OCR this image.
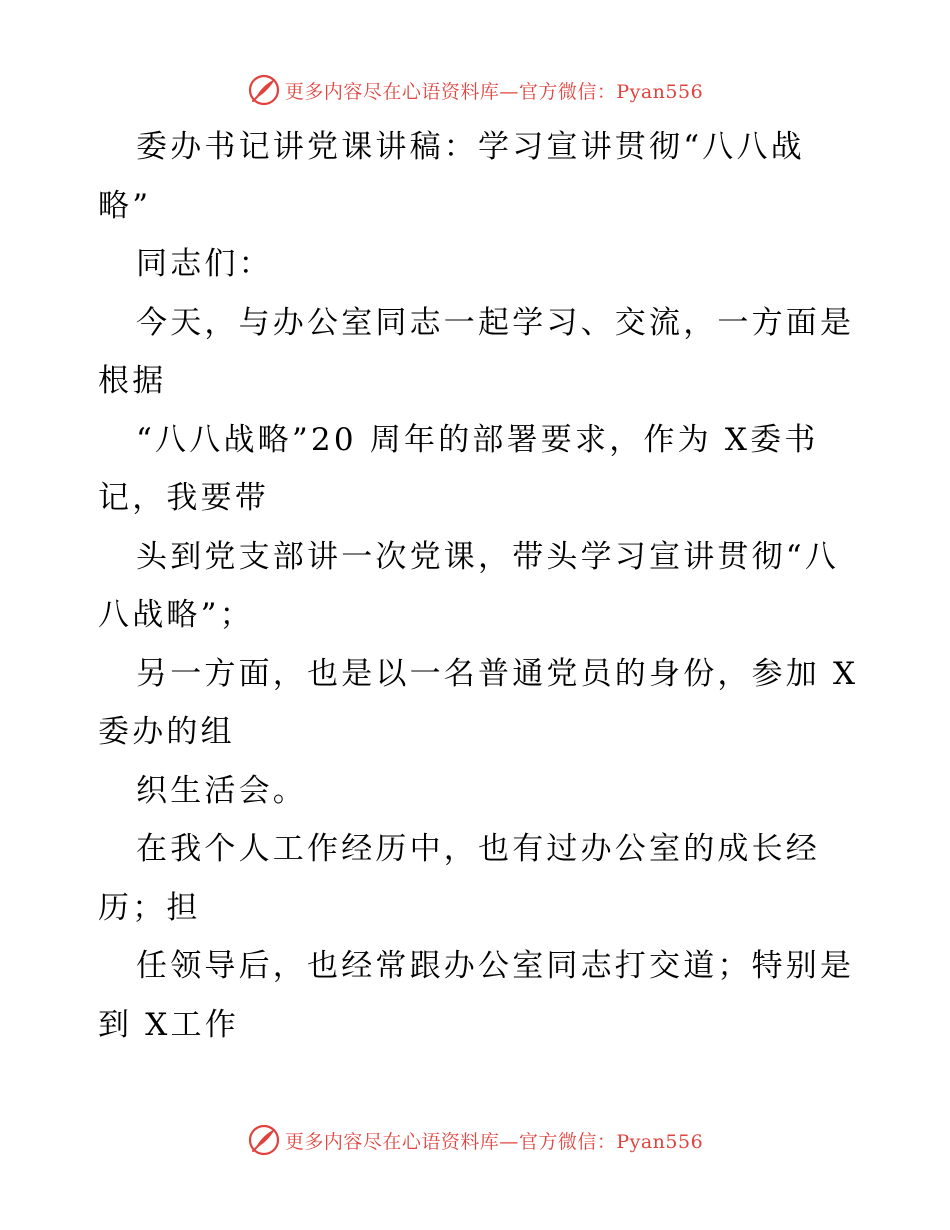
更多内容尽在心语资料库—官方微信：Pyan556
委办书记讲党课讲稿：学习宣讲贯彻“八八战
略”
同志们：
今天，与办公室同志一起学习、交流，一方面是
根据
“八八战略”20 周年的部署要求，作为 X委书
记，我要带
头到党支部讲一次党课，带头学习宣讲贯彻“八
八战略”；
另一方面，也是以一名普通党员的身份，参加 X
委办的组
织生活会。
在我个人工作经历中，也有过办公室的成长经
历；担
任领导后，也经常跟办公室同志打交道；特别是
到 X工作
更多内容尽在心语资料库—官方微信：Pyan556
